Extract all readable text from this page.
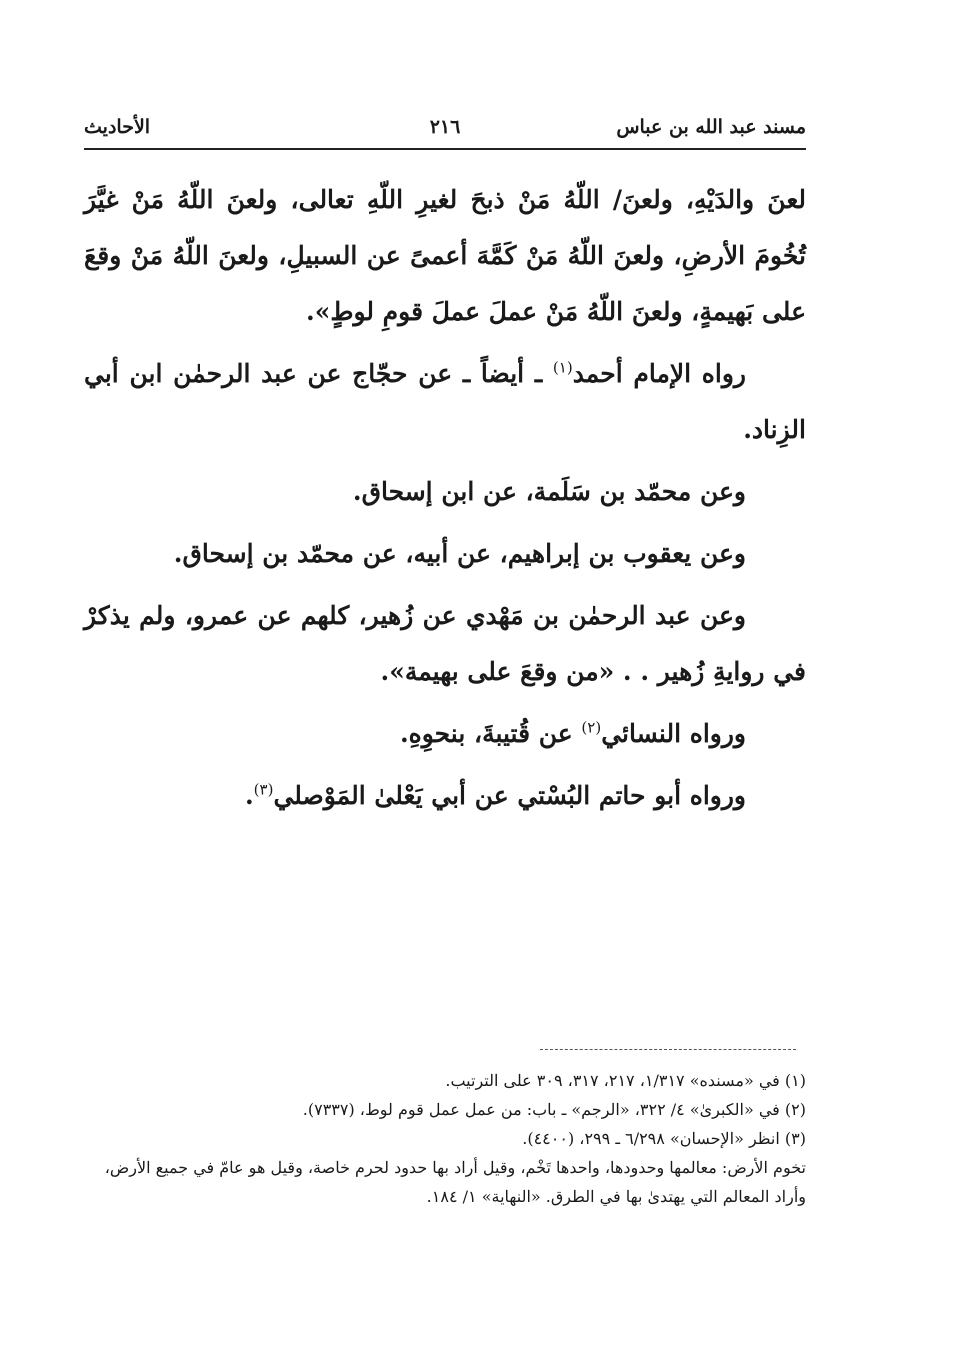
مسند عبد الله بن عباس
٢١٦
الأحاديث

لعنَ والدَيْهِ، ولعنَ/ اللّهُ مَنْ ذبحَ لغيرِ اللّهِ تعالى، ولعنَ اللّهُ مَنْ غيَّرَ تُخُومَ الأرضِ، ولعنَ اللّهُ مَنْ كَمَّهَ أعمىً عن السبيلِ، ولعنَ اللّهُ مَنْ وقعَ على بَهيمةٍ، ولعنَ اللّهُ مَنْ عملَ عملَ قومِ لوطٍ».

رواه الإمام أحمد$^{(١)}$ ـ أيضاً ـ عن حجّاج عن عبد الرحمٰن ابن أبي الزِناد.

وعن محمّد بن سَلَمة، عن ابن إسحاق.

وعن يعقوب بن إبراهيم، عن أبيه، عن محمّد بن إسحاق.

وعن عبد الرحمٰن بن مَهْدي عن زُهير، كلهم عن عمرو، ولم يذكرْ في روايةِ زُهير . . «من وقعَ على بهيمة».

ورواه النسائي$^{(٢)}$ عن قُتيبةَ، بنحوِهِ.

ورواه أبو حاتم البُسْتي عن أبي يَعْلىٰ المَوْصلي$^{(٣)}$.

(١) في «مسنده» ١/٣١٧، ٢١٧، ٣١٧، ٣٠٩ على الترتيب.

(٢) في «الكبرىٰ» ٤/ ٣٢٢، «الرجم» ـ باب: من عمل عمل قوم لوط، (٧٣٣٧).

(٣) انظر «الإحسان» ٦/٢٩٨ ـ ٢٩٩، (٤٤٠٠).

تخوم الأرض: معالمها وحدودها، واحدها تَخْم، وقيل أراد بها حدود لحرم خاصة، وقيل هو عامّ في جميع الأرض، وأراد المعالم التي يهتدىٰ بها في الطرق. «النهاية» ١/ ١٨٤.
